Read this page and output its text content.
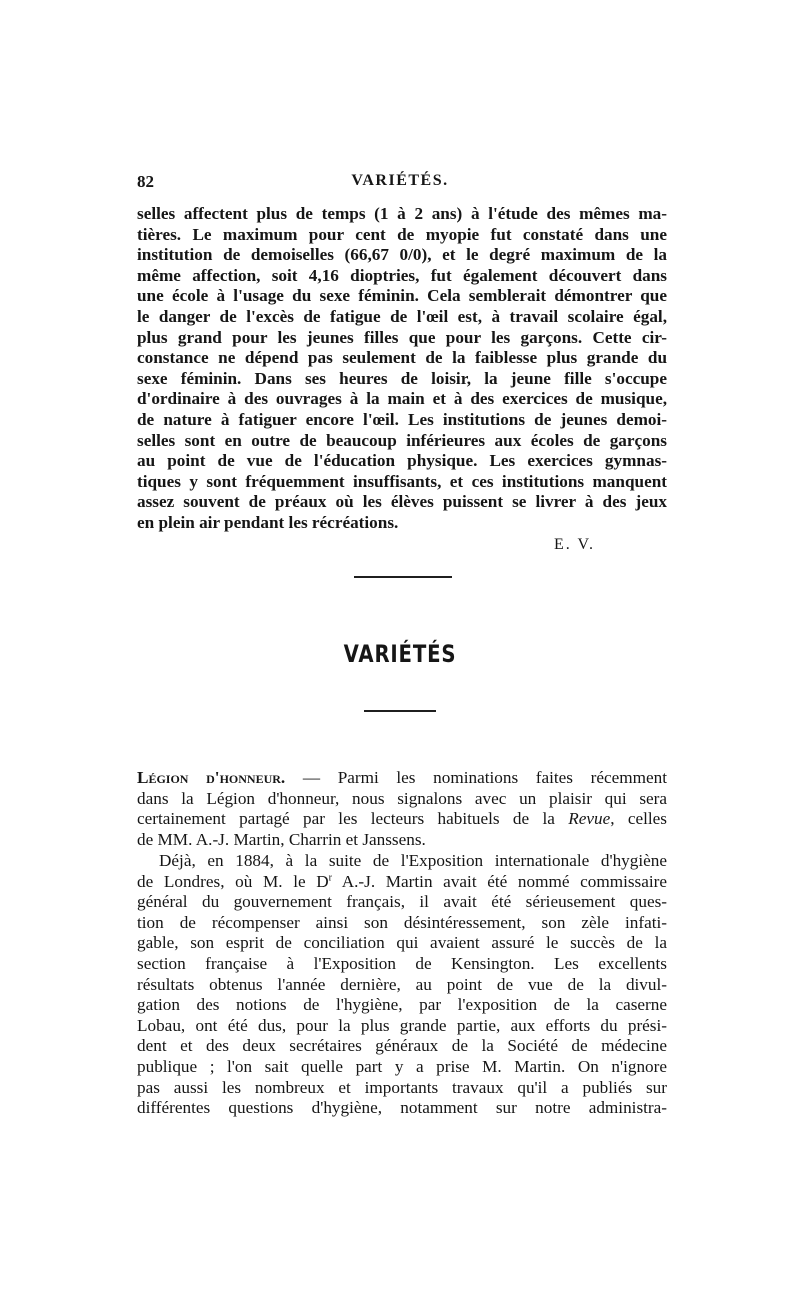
82	VARIÉTÉS.

selles affectent plus de temps (1 à 2 ans) à l'étude des mêmes ma-
tières. Le maximum pour cent de myopie fut constaté dans une
institution de demoiselles (66,67 0/0), et le degré maximum de la
même affection, soit 4,16 dioptries, fut également découvert dans
une école à l'usage du sexe féminin. Cela semblerait démontrer que
le danger de l'excès de fatigue de l'œil est, à travail scolaire égal,
plus grand pour les jeunes filles que pour les garçons. Cette cir-
constance ne dépend pas seulement de la faiblesse plus grande du
sexe féminin. Dans ses heures de loisir, la jeune fille s'occupe
d'ordinaire à des ouvrages à la main et à des exercices de musique,
de nature à fatiguer encore l'œil. Les institutions de jeunes demoi-
selles sont en outre de beaucoup inférieures aux écoles de garçons
au point de vue de l'éducation physique. Les exercices gymnas-
tiques y sont fréquemment insuffisants, et ces institutions manquent
assez souvent de préaux où les élèves puissent se livrer à des jeux
en plein air pendant les récréations.

E. V.
VARIÉTÉS

Légion d'honneur. — Parmi les nominations faites récemment
dans la Légion d'honneur, nous signalons avec un plaisir qui sera
certainement partagé par les lecteurs habituels de la Revue, celles
de MM. A.-J. Martin, Charrin et Janssens.

Déjà, en 1884, à la suite de l'Exposition internationale d'hygiène
de Londres, où M. le $D^r$ A.-J. Martin avait été nommé commissaire
général du gouvernement français, il avait été sérieusement ques-
tion de récompenser ainsi son désintéressement, son zèle infati-
gable, son esprit de conciliation qui avaient assuré le succès de la
section française à l'Exposition de Kensington. Les excellents
résultats obtenus l'année dernière, au point de vue de la divul-
gation des notions de l'hygiène, par l'exposition de la caserne
Lobau, ont été dus, pour la plus grande partie, aux efforts du prési-
dent et des deux secrétaires généraux de la Société de médecine
publique ; l'on sait quelle part y a prise M. Martin. On n'ignore
pas aussi les nombreux et importants travaux qu'il a publiés sur
différentes questions d'hygiène, notamment sur notre administra-
